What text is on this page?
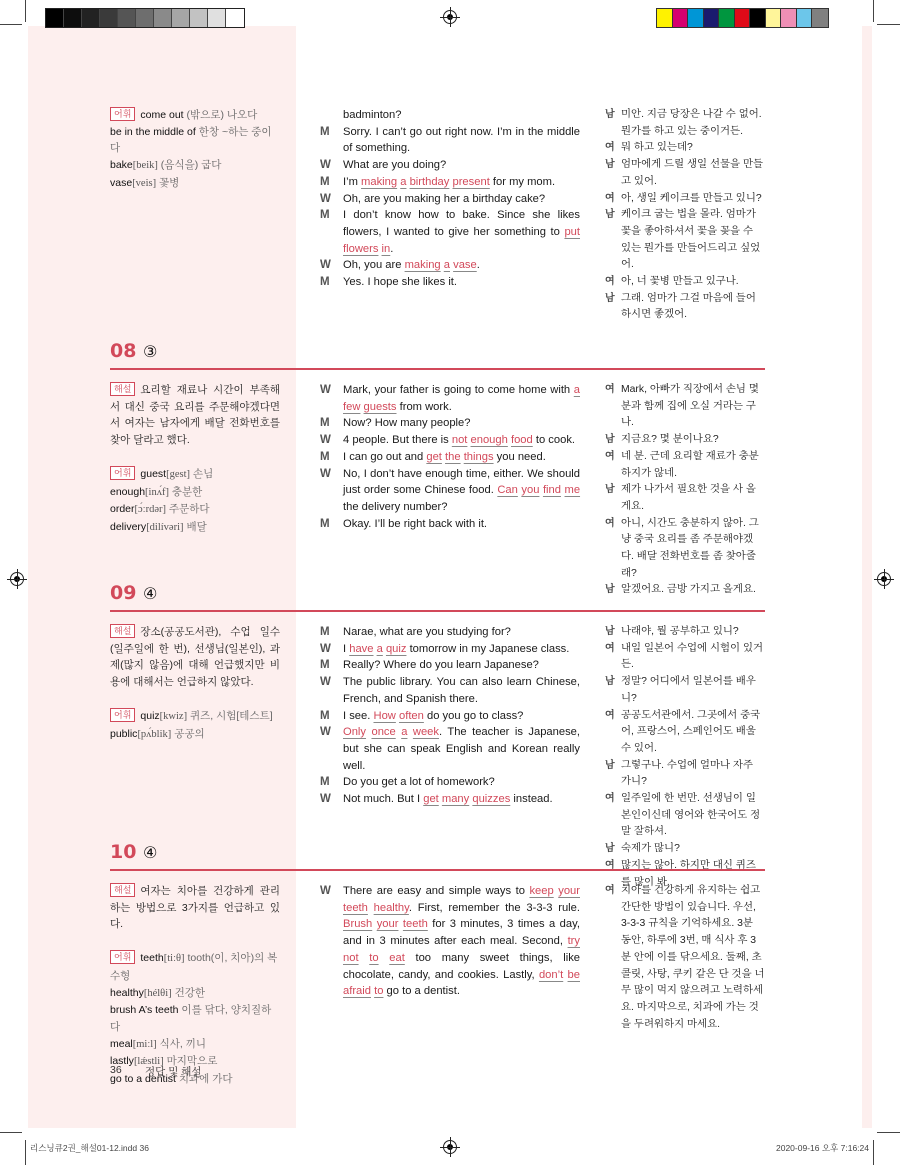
어휘 come out (밖으로) 나오다
be in the middle of 한창 ~하는 중이다
bake[beik] (음식을) 굽다
vase[veis] 꽃병
badminton?
M Sorry. I can’t go out right now. I’m in the middle of something.
W What are you doing?
M I’m making a birthday present for my mom.
W Oh, are you making her a birthday cake?
M I don’t know how to bake. Since she likes flowers, I wanted to give her something to put flowers in.
W Oh, you are making a vase.
M Yes. I hope she likes it.
남 미안. 지금 당장은 나갈 수 없어. 뭔가를 하고 있는 중이거든.
여 뭐 하고 있는데?
남 엄마에게 드릴 생일 선물을 만들고 있어.
여 아, 생일 케이크를 만들고 있니?
남 케이크 굽는 법을 몰라. 엄마가 꽃을 좋아하셔서 꽃을 꽂을 수 있는 뭔가를 만들어드리고 싶었어.
여 아, 너 꽃병 만들고 있구나.
남 그래. 엄마가 그걸 마음에 들어 하시면 좋겠어.
08 ③
해설 요리할 재료나 시간이 부족해서 대신 중국 요리를 주문해야겠다면서 여자는 남자에게 배달 전화번호를 찾아 달라고 했다.
어휘 guest[gest] 손님
enough[inʌ́f] 충분한
order[ɔ́ːrdər] 주문하다
delivery[dilívəri] 배달
W Mark, your father is going to come home with a few guests from work.
M Now? How many people?
W 4 people. But there is not enough food to cook.
M I can go out and get the things you need.
W No, I don’t have enough time, either. We should just order some Chinese food. Can you find me the delivery number?
M Okay. I’ll be right back with it.
여 Mark, 아빠가 직장에서 손님 몇 분과 함께 집에 오실 거라는 구나.
남 지금요? 몇 분이나요?
여 네 분. 근데 요리할 재료가 충분하지가 않네.
남 제가 나가서 필요한 것을 사 올게요.
여 아니, 시간도 충분하지 않아. 그냥 중국 요리를 좀 주문해야겠다. 배달 전화번호를 좀 찾아줄래?
남 알겠어요. 금방 가지고 올게요.
09 ④
해설 장소(공공도서관), 수업 일수(일주일에 한 번), 선생님(일본인), 과제(많지 않음)에 대해 언급했지만 비용에 대해서는 언급하지 않았다.
어휘 quiz[kwiz] 퀴즈, 시험[테스트]
public[pʌ́blik] 공공의
M Narae, what are you studying for?
W I have a quiz tomorrow in my Japanese class.
M Really? Where do you learn Japanese?
W The public library. You can also learn Chinese, French, and Spanish there.
M I see. How often do you go to class?
W Only once a week. The teacher is Japanese, but she can speak English and Korean really well.
M Do you get a lot of homework?
W Not much. But I get many quizzes instead.
남 나래야, 뭘 공부하고 있니?
여 내일 일본어 수업에 시험이 있거든.
남 정말? 어디에서 일본어를 배우니?
여 공공도서관에서. 그곳에서 중국어, 프랑스어, 스페인어도 배울 수 있어.
남 그렇구나. 수업에 얼마나 자주 가니?
여 일주일에 한 번만. 선생님이 일본인이신데 영어와 한국어도 정말 잘하셔.
남 숙제가 많니?
여 많지는 않아. 하지만 대신 퀴즈를 많이 봐.
10 ④
해설 여자는 치아를 건강하게 관리하는 방법으로 3가지를 언급하고 있다.
어휘 teeth[tiːθ] tooth(이, 치아)의 복수형
healthy[hélθi] 건강한
brush A’s teeth 이를 닦다, 양치질하다
meal[miːl] 식사, 끼니
lastly[lǽstli] 마지막으로
go to a dentist 치과에 가다
W There are easy and simple ways to keep your teeth healthy. First, remember the 3-3-3 rule. Brush your teeth for 3 minutes, 3 times a day, and in 3 minutes after each meal. Second, try not to eat too many sweet things, like chocolate, candy, and cookies. Lastly, don’t be afraid to go to a dentist.
여 치아를 건강하게 유지하는 쉽고 간단한 방법이 있습니다. 우선, 3-3-3 규칙을 기억하세요. 3분 동안, 하루에 3번, 매 식사 후 3분 안에 이를 닦으세요. 둘째, 초콜릿, 사탕, 쿠키 같은 단 것을 너무 많이 먹지 않으려고 노력하세요. 마지막으로, 치과에 가는 것을 두려워하지 마세요.
36 정답 및 해설
리스닝큐2권_해설01-12.indd 36	2020-09-16 오후 7:16:24
